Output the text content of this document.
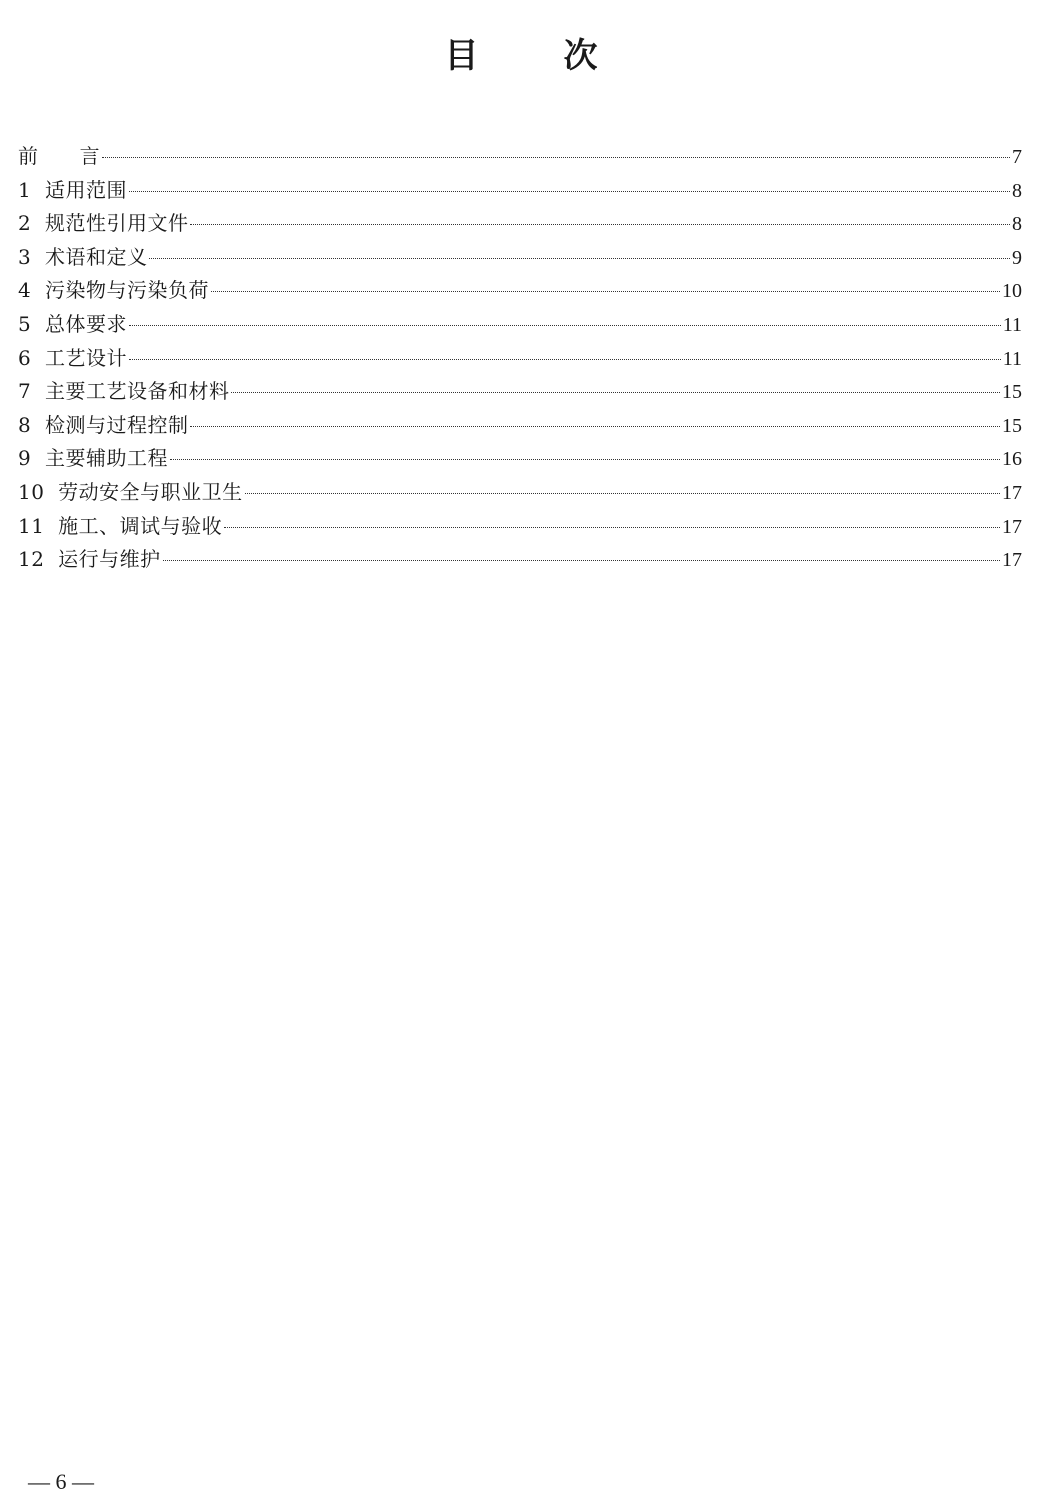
目      次
前      言	7
1  适用范围	8
2  规范性引用文件	8
3  术语和定义	9
4  污染物与污染负荷	10
5  总体要求	11
6  工艺设计	11
7  主要工艺设备和材料	15
8  检测与过程控制	15
9  主要辅助工程	16
10  劳动安全与职业卫生	17
11  施工、调试与验收	17
12  运行与维护	17
— 6 —
